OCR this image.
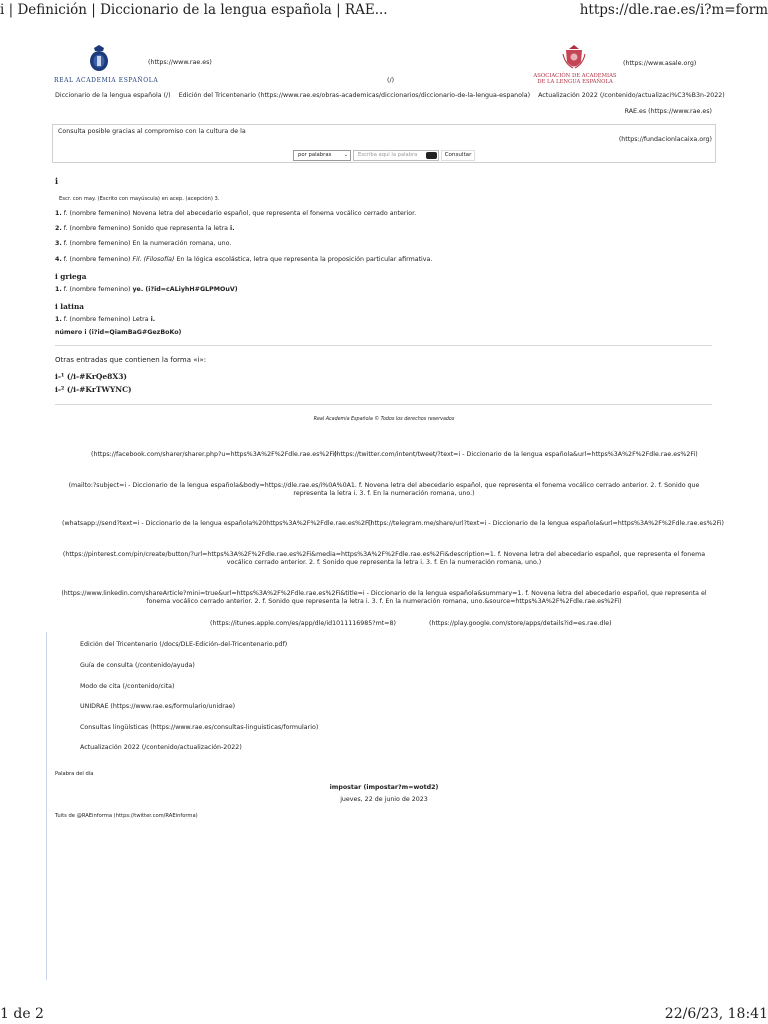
i | Definición | Diccionario de la lengua española | RAE...	https://dle.rae.es/i?m=form
REAL ACADEMIA ESPAÑOLA
(https://www.rae.es)
(/)
ASOCIACIÓN DE ACADEMIAS DE LA LENGUA ESPAÑOLA
(https://www.asale.org)
Diccionario de la lengua española (/)    Edición del Tricentenario (https://www.rae.es/obras-academicas/diccionarios/diccionario-de-la-lengua-espanola)    Actualización 2022 (/contenido/actualizaci%C3%B3n-2022)
RAE.es (https://www.rae.es)
Consulta posible gracias al compromiso con la cultura de la
(https://fundacionlacaixa.org)
por palabras ⌄	Escriba aquí la palabra	Consultar
i
Escr. con may. (Escrito con mayúscula) en acep. (acepción) 3.
1. f. (nombre femenino) Novena letra del abecedario español, que representa el fonema vocálico cerrado anterior.
2. f. (nombre femenino) Sonido que representa la letra i.
3. f. (nombre femenino) En la numeración romana, uno.
4. f. (nombre femenino) Fil. (Filosofía) En la lógica escolástica, letra que representa la proposición particular afirmativa.
i griega
1. f. (nombre femenino) ye. (i?id=cALiyhH#GLPMOuV)
i latina
1. f. (nombre femenino) Letra i.
número i (i?id=QiamBaG#GezBoKo)
Otras entradas que contienen la forma «i»:
i-¹ (/i-#KrQe8X3)
i-² (/i-#KrTWYNC)
Real Academia Española © Todos los derechos reservados
(https://facebook.com/sharer/sharer.php?u=https%3A%2F%2Fdle.rae.es%2Fi)
(https://twitter.com/intent/tweet/?text=i - Diccionario de la lengua española&url=https%3A%2F%2Fdle.rae.es%2Fi)
(mailto:?subject=i - Diccionario de la lengua española&body=https://dle.rae.es/i%0A%0A1. f. Novena letra del abecedario español, que representa el fonema vocálico cerrado anterior. 2. f. Sonido que representa la letra i. 3. f. En la numeración romana, uno.)
(whatsapp://send?text=i - Diccionario de la lengua española%20https%3A%2F%2Fdle.rae.es%2Fi)
(https://telegram.me/share/url?text=i - Diccionario de la lengua española&url=https%3A%2F%2Fdle.rae.es%2Fi)
(https://pinterest.com/pin/create/button/?url=https%3A%2F%2Fdle.rae.es%2Fi&media=https%3A%2F%2Fdle.rae.es%2Fi&description=1. f. Novena letra del abecedario español, que representa el fonema vocálico cerrado anterior. 2. f. Sonido que representa la letra i. 3. f. En la numeración romana, uno.)
(https://www.linkedin.com/shareArticle?mini=true&url=https%3A%2F%2Fdle.rae.es%2Fi&title=i - Diccionario de la lengua española&summary=1. f. Novena letra del abecedario español, que representa el fonema vocálico cerrado anterior. 2. f. Sonido que representa la letra i. 3. f. En la numeración romana, uno.&source=https%3A%2F%2Fdle.rae.es%2Fi)
(https://itunes.apple.com/es/app/dle/id1011116985?mt=8)	(https://play.google.com/store/apps/details?id=es.rae.dle)
Edición del Tricentenario (/docs/DLE-Edición-del-Tricentenario.pdf)
Guía de consulta (/contenido/ayuda)
Modo de cita (/contenido/cita)
UNIDRAE (https://www.rae.es/formulario/unidrae)
Consultas lingüísticas (https://www.rae.es/consultas-linguisticas/formulario)
Actualización 2022 (/contenido/actualización-2022)
Palabra del día
impostar (impostar?m=wotd2)
jueves, 22 de junio de 2023
Tuits de @RAEinforma (https://twitter.com/RAEinforma)
1 de 2	22/6/23, 18:41
